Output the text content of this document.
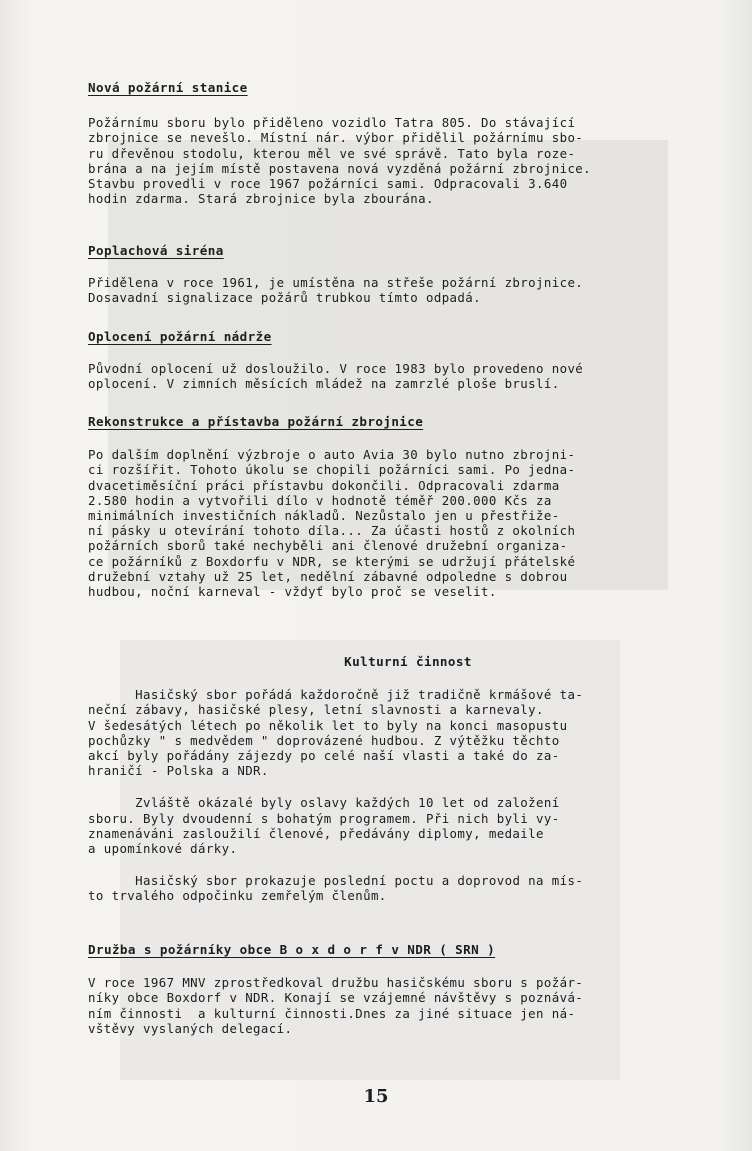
Nová požární stanice

Požárnímu sboru bylo přiděleno vozidlo Tatra 805. Do stávající
zbrojnice se nevešlo. Místní nár. výbor přidělil požárnímu sbo-
ru dřevěnou stodolu, kterou měl ve své správě. Tato byla roze-
brána a na jejím místě postavena nová vyzděná požární zbrojnice.
Stavbu provedli v roce 1967 požárníci sami. Odpracovali 3.640
hodin zdarma. Stará zbrojnice byla zbourána.

Poplachová siréna

Přidělena v roce 1961, je umístěna na střeše požární zbrojnice.
Dosavadní signalizace požárů trubkou tímto odpadá.

Oplocení požární nádrže

Původní oplocení už dosloužilo. V roce 1983 bylo provedeno nové
oplocení. V zimních měsících mládež na zamrzlé ploše bruslí.

Rekonstrukce a přístavba požární zbrojnice

Po dalším doplnění výzbroje o auto Avia 30 bylo nutno zbrojni-
ci rozšířit. Tohoto úkolu se chopili požárníci sami. Po jedna-
dvacetiměsíční práci přístavbu dokončili. Odpracovali zdarma
2.580 hodin a vytvořili dílo v hodnotě téměř 200.000 Kčs za
minimálních investičních nákladů. Nezůstalo jen u přestřiže-
ní pásky u otevírání tohoto díla... Za účasti hostů z okolních
požárních sborů také nechyběli ani členové družební organiza-
ce požárníků z Boxdorfu v NDR, se kterými se udržují přátelské
družební vztahy už 25 let, nedělní zábavné odpoledne s dobrou
hudbou, noční karneval - vždyť bylo proč se veselit.

Kulturní činnost

Hasičský sbor pořádá každoročně již tradičně krmášové ta-
neční zábavy, hasičské plesy, letní slavnosti a karnevaly.
V šedesátých létech po několik let to byly na konci masopustu
pochůzky " s medvědem " doprovázené hudbou. Z výtěžku těchto
akcí byly pořádány zájezdy po celé naší vlasti a také do za-
hraničí - Polska a NDR.

Zvláště okázalé byly oslavy každých 10 let od založení
sboru. Byly dvoudenní s bohatým programem. Při nich byli vy-
znamenáváni zasloužilí členové, předávány diplomy, medaile
a upomínkové dárky.

Hasičský sbor prokazuje poslední poctu a doprovod na mís-
to trvalého odpočinku zemřelým členům.

Družba s požárníky obce B o x d o r f v NDR ( SRN )

V roce 1967 MNV zprostředkoval družbu hasičskému sboru s požár-
níky obce Boxdorf v NDR. Konají se vzájemné návštěvy s poznává-
ním činnosti  a kulturní činnosti.Dnes za jiné situace jen ná-
vštěvy vyslaných delegací.

15
